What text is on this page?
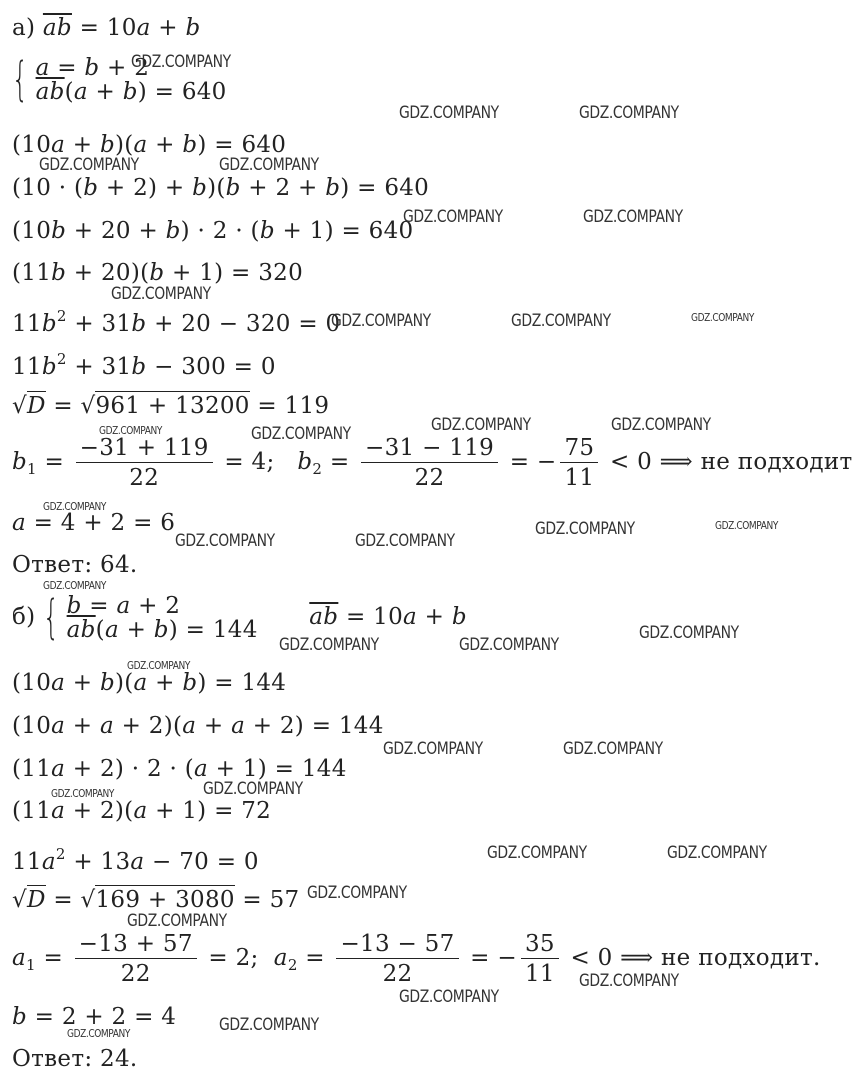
а) $\overline{ab} = 10a + b$
{ a = b + 2
$\overline{ab}(a + b) = 640$
(10a + b)(a + b) = 640
(10 · (b + 2) + b)(b + 2 + b) = 640
(10b + 20 + b) · 2 · (b + 1) = 640
(11b + 20)(b + 1) = 320
$11b^2 + 31b + 20 - 320 = 0$
$11b^2 + 31b - 300 = 0$
√D = √961 + 13200 = 119
$b_1 = \frac{-31 + 119}{22} = 4$; $b_2 = \frac{-31 - 119}{22}$ = − $\frac{75}{11} < 0$ ⟹ не подходит
a = 4 + 2 = 6
Ответ: 64.
б) { b = a + 2
$\overline{ab}(a + b) = 144$ $\overline{ab} = 10a + b$
(10a + b)(a + b) = 144
(10a + a + 2)(a + a + 2) = 144
(11a + 2) · 2 · (a + 1) = 144
(11a + 2)(a + 1) = 72
$11a^2 + 13a - 70 = 0$
√D = √169 + 3080 = 57
$a_1 = \frac{-13 + 57}{22} = 2$; $a_2 = \frac{-13 - 57}{22}$ = − $\frac{35}{11} < 0$ ⟹ не подходит.
b = 2 + 2 = 4
Ответ: 24.
GDZ.COMPANY
GDZ.COMPANY	GDZ.COMPANY
GDZ.COMPANY	GDZ.COMPANY
GDZ.COMPANY	GDZ.COMPANY
GDZ.COMPANY
GDZ.COMPANY	GDZ.COMPANY	GDZ.COMPANY
GDZ.COMPANY	GDZ.COMPANY
GDZ.COMPANY	GDZ.COMPANY
GDZ.COMPANY
GDZ.COMPANY	GDZ.COMPANY
GDZ.COMPANY	GDZ.COMPANY
GDZ.COMPANY
GDZ.COMPANY
GDZ.COMPANY	GDZ.COMPANY
GDZ.COMPANY
GDZ.COMPANY	GDZ.COMPANY
GDZ.COMPANY
GDZ.COMPANY
GDZ.COMPANY	GDZ.COMPANY
GDZ.COMPANY
GDZ.COMPANY
GDZ.COMPANY
GDZ.COMPANY
GDZ.COMPANY
GDZ.COMPANY
